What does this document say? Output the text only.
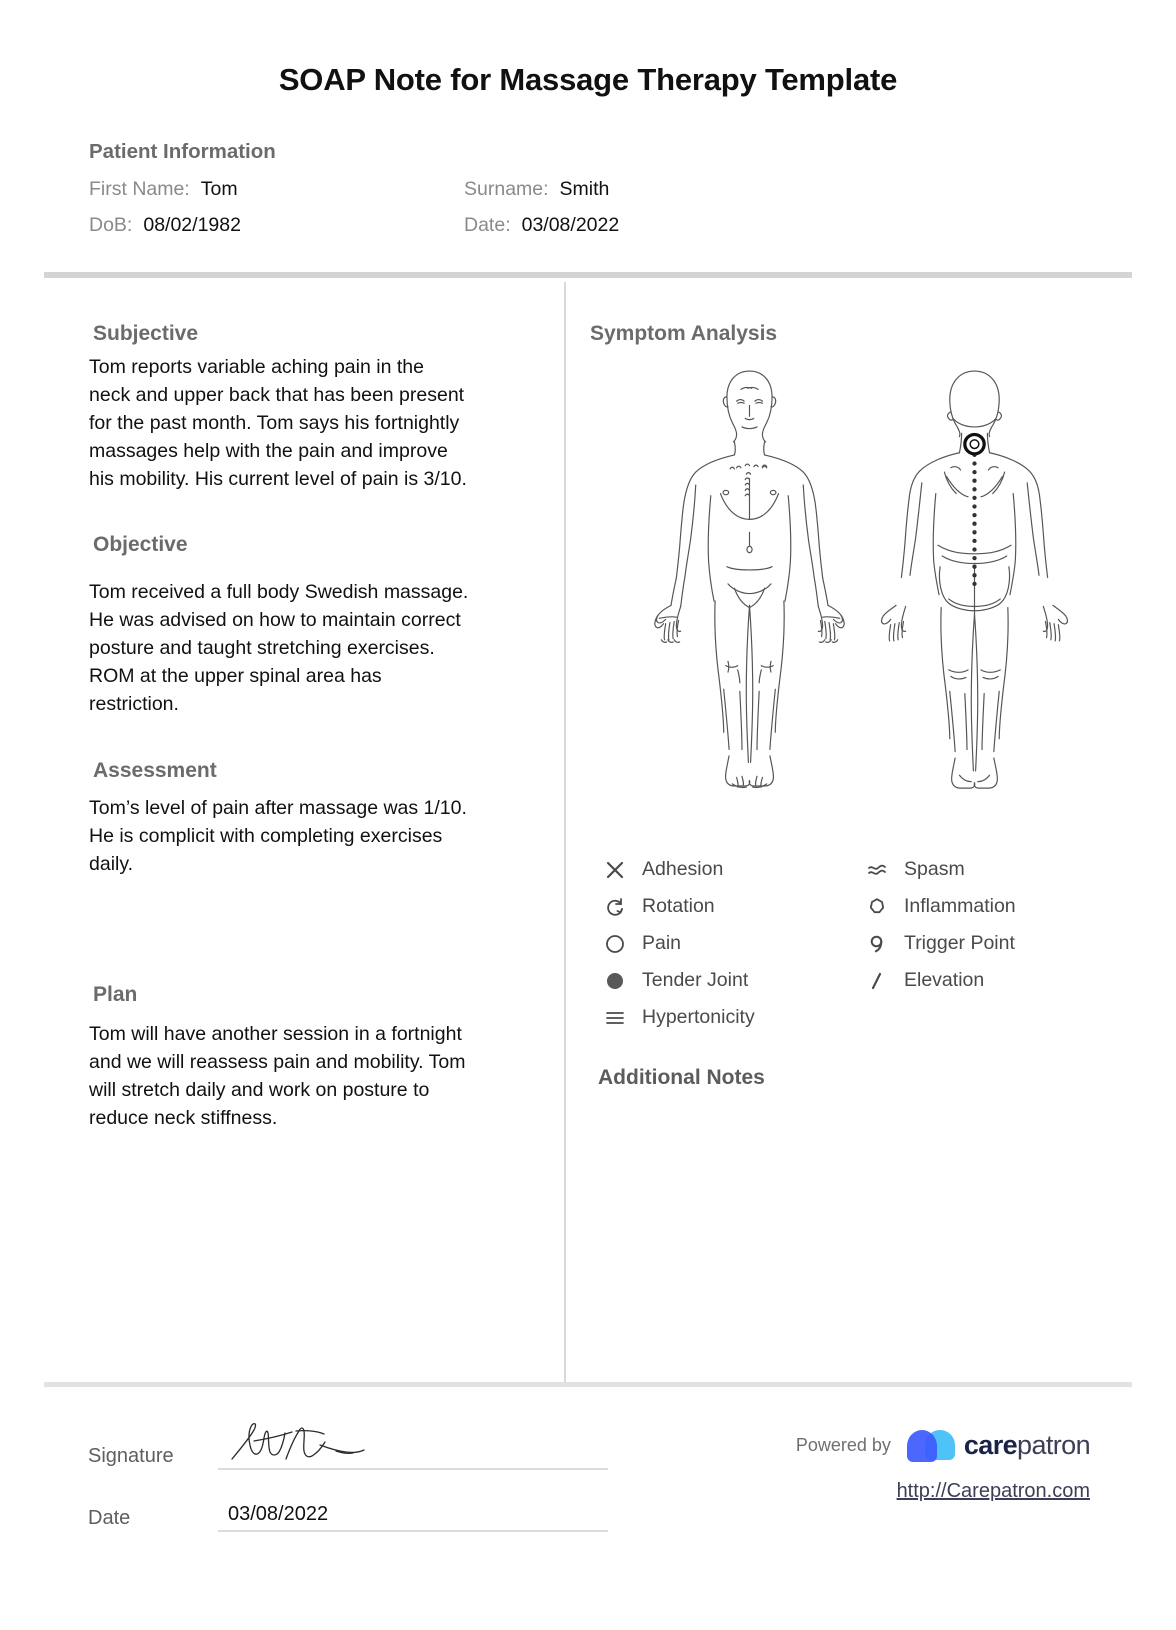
SOAP Note for Massage Therapy Template
Patient Information
First Name: Tom	Surname: Smith
DoB: 08/02/1982	Date: 03/08/2022
Subjective

Tom reports variable aching pain in the neck and upper back that has been present for the past month. Tom says his fortnightly massages help with the pain and improve his mobility. His current level of pain is 3/10.

Objective

Tom received a full body Swedish massage. He was advised on how to maintain correct posture and taught stretching exercises. ROM at the upper spinal area has restriction.

Assessment

Tom’s level of pain after massage was 1/10. He is complicit with completing exercises daily.

Plan

Tom will have another session in a fortnight and we will reassess pain and mobility. Tom will stretch daily and work on posture to reduce neck stiffness.

Symptom Analysis
Adhesion
Rotation
Pain
Tender Joint
Hypertonicity
Spasm
Inflammation
Trigger Point
Elevation
Additional Notes
Signature
Date	03/08/2022
Powered by	carepatron
http://Carepatron.com
